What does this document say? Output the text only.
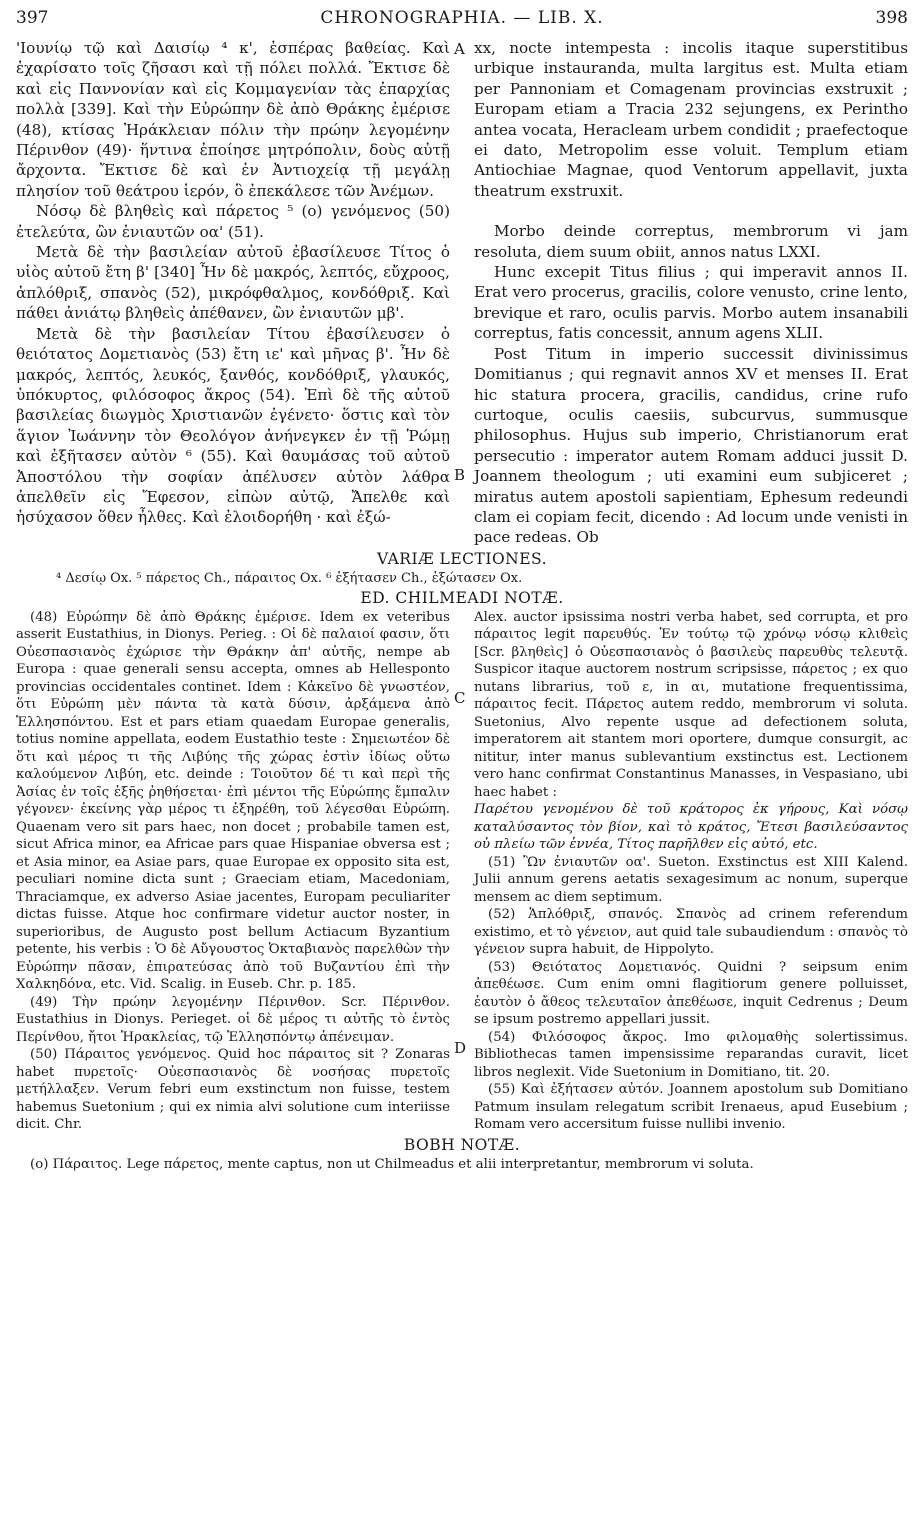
397	CHRONOGRAPHIA. — LIB. X.	398

'Ιουνίῳ τῷ καὶ Δαισίῳ ⁴ κ', ἑσπέρας βαθείας. Καὶ ἐχαρίσατο τοῖς ζῆσασι καὶ τῇ πόλει πολλά. Ἔκτισε δὲ καὶ εἰς Παννονίαν καὶ εἰς Κομμαγενίαν τὰς ἐπαρχίας πολλὰ [339]. Καὶ τὴν Εὐρώπην δὲ ἀπὸ Θράκης ἐμέρισε (48), κτίσας Ἡράκλειαν πόλιν τὴν πρώην λεγομένην Πέρινθον (49)· ἥντινα ἐποίησε μητρόπολιν, δοὺς αὐτῇ ἄρχοντα. Ἔκτισε δὲ καὶ ἐν Ἀντιοχείᾳ τῇ μεγάλῃ πλησίον τοῦ θεάτρου ἱερόν, ὃ ἐπεκάλεσε τῶν Ἀνέμων.

Νόσῳ δὲ βληθεὶς καὶ πάρετος ⁵ (ο) γενόμενος (50) ἐτελεύτα, ὢν ἐνιαυτῶν οα' (51).

Μετὰ δὲ τὴν βασιλείαν αὐτοῦ ἐβασίλευσε Τίτος ὁ υἱὸς αὐτοῦ ἔτη β' [340] Ἦν δὲ μακρός, λεπτός, εὔχροος, ἁπλόθριξ, σπανὸς (52), μικρόφθαλμος, κονδόθριξ. Καὶ πάθει ἀνιάτῳ βληθεὶς ἀπέθανεν, ὢν ἐνιαυτῶν μβ'.

Μετὰ δὲ τὴν βασιλείαν Τίτου ἐβασίλευσεν ὁ θειότατος Δομετιανὸς (53) ἔτη ιε' καὶ μῆνας β'. Ἦν δὲ μακρός, λεπτός, λευκός, ξανθός, κονδόθριξ, γλαυκός, ὑπόκυρτος, φιλόσοφος ἄκρος (54). Ἐπὶ δὲ τῆς αὐτοῦ βασιλείας διωγμὸς Χριστιανῶν ἐγένετο· ὅστις καὶ τὸν ἅγιον Ἰωάννην τὸν Θεολόγον ἀνήνεγκεν ἐν τῇ Ῥώμῃ καὶ ἐξῆτασεν αὐτὸν ⁶ (55). Καὶ θαυμάσας τοῦ αὐτοῦ Ἀποστόλου τὴν σοφίαν ἀπέλυσεν αὐτὸν λάθρα ἀπελθεῖν εἰς Ἔφεσον, εἰπὼν αὐτῷ, Ἄπελθε καὶ ἡσύχασον ὅθεν ἦλθες. Καὶ ἐλοιδορήθη · καὶ ἐξώ-

A
B

xx, nocte intempesta : incolis itaque superstitibus urbique instauranda, multa largitus est. Multa etiam per Pannoniam et Comagenam provincias exstruxit ; Europam etiam a Tracia 232 sejungens, ex Perintho antea vocata, Heracleam urbem condidit ; praefectoque ei dato, Metropolim esse voluit. Templum etiam Antiochiae Magnae, quod Ventorum appellavit, juxta theatrum exstruxit.

Morbo deinde correptus, membrorum vi jam resoluta, diem suum obiit, annos natus LXXI.

Hunc excepit Titus filius ; qui imperavit annos II. Erat vero procerus, gracilis, colore venusto, crine lento, brevique et raro, oculis parvis. Morbo autem insanabili correptus, fatis concessit, annum agens XLII.

Post Titum in imperio successit divinissimus Domitianus ; qui regnavit annos XV et menses II. Erat hic statura procera, gracilis, candidus, crine rufo curtoque, oculis caesiis, subcurvus, summusque philosophus. Hujus sub imperio, Christianorum erat persecutio : imperator autem Romam adduci jussit D. Joannem theologum ; uti examini eum subjiceret ; miratus autem apostoli sapientiam, Ephesum redeundi clam ei copiam fecit, dicendo : Ad locum unde venisti in pace redeas. Ob

VARIÆ LECTIONES.
⁴ Δεσίῳ Ox. ⁵ πάρετος Ch., πάραιτος Ox. ⁶ ἐξήτασεν Ch., ἐξώτασεν Ox.
ED. CHILMEADI NOTÆ.

(48) Εὐρώπην δὲ ἀπὸ Θράκης ἐμέρισε. Idem ex veteribus asserit Eustathius, in Dionys. Perieg. : Οἱ δὲ παλαιοί φασιν, ὅτι Οὐεσπασιανὸς ἐχώρισε τὴν Θράκην ἀπ' αὐτῆς, nempe ab Europa : quae generali sensu accepta, omnes ab Hellesponto provincias occidentales continet. Idem : Κἀκεῖνο δὲ γνωστέον, ὅτι Εὐρώπη μὲν πάντα τὰ κατὰ δύσιν, ἀρξάμενα ἀπὸ Ἑλλησπόντου. Est et pars etiam quaedam Europae generalis, totius nomine appellata, eodem Eustathio teste : Σημειωτέον δὲ ὅτι καὶ μέρος τι τῆς Λιβύης τῆς χώρας ἐστὶν ἰδίως οὕτω καλούμενον Λιβύη, etc. deinde : Τοιοῦτον δέ τι καὶ περὶ τῆς Ἀσίας ἐν τοῖς ἑξῆς ῥηθήσεται· ἐπὶ μέντοι τῆς Εὐρώπης ἔμπαλιν γέγονεν· ἐκείνης γὰρ μέρος τι ἐξηρέθη, τοῦ λέγεσθαι Εὐρώπη. Quaenam vero sit pars haec, non docet ; probabile tamen est, sicut Africa minor, ea Africae pars quae Hispaniae obversa est ; et Asia minor, ea Asiae pars, quae Europae ex opposito sita est, peculiari nomine dicta sunt ; Graeciam etiam, Macedoniam, Thraciamque, ex adverso Asiae jacentes, Europam peculiariter dictas fuisse. Atque hoc confirmare videtur auctor noster, in superioribus, de Augusto post bellum Actiacum Byzantium petente, his verbis : Ὁ δὲ Αὔγουστος Ὀκταβιανὸς παρελθὼν τὴν Εὐρώπην πᾶσαν, ἐπιρατεύσας ἀπὸ τοῦ Βυζαντίου ἐπὶ τὴν Χαλκηδόνα, etc. Vid. Scalig. in Euseb. Chr. p. 185.

(49) Τὴν πρώην λεγομένην Πέρινθον. Scr. Πέρινθον. Eustathius in Dionys. Perieget. οἱ δὲ μέρος τι αὐτῆς τὸ ἐντὸς Περίνθου, ἤτοι Ἡρακλείας, τῷ Ἑλλησπόντῳ ἀπένειμαν.

(50) Πάραιτος γενόμενος. Quid hoc πάραιτος sit ? Zonaras habet πυρετοῖς· Οὐεσπασιανὸς δὲ νοσήσας πυρετοῖς μετήλλαξεν. Verum febri eum exstinctum non fuisse, testem habemus Suetonium ; qui ex nimia alvi solutione cum interiisse dicit. Chr.

C
D

Alex. auctor ipsissima nostri verba habet, sed corrupta, et pro πάραιτος legit παρευθύς. Ἐν τούτῳ τῷ χρόνῳ νόσῳ κλιθεὶς [Scr. βληθεὶς] ὁ Οὐεσπασιανὸς ὁ βασιλεὺς παρευθὺς τελευτᾷ. Suspicor itaque auctorem nostrum scripsisse, πάρετος ; ex quo nutans librarius, τοῦ ε, in αι, mutatione frequentissima, πάραιτος fecit. Πάρετος autem reddo, membrorum vi soluta. Suetonius, Alvo repente usque ad defectionem soluta, imperatorem ait stantem mori oportere, dumque consurgit, ac nititur, inter manus sublevantium exstinctus est. Lectionem vero hanc confirmat Constantinus Manasses, in Vespasiano, ubi haec habet :

Παρέτου γενομένου δὲ τοῦ κράτορος ἐκ γήρους, Καὶ νόσῳ καταλύσαντος τὸν βίον, καὶ τὸ κράτος, Ἔτεσι βασιλεύσαντος οὐ πλείω τῶν ἐννέα, Τίτος παρῆλθεν εἰς αὐτό, etc.

(51) Ὢν ἐνιαυτῶν οα'. Sueton. Exstinctus est XIII Kalend. Julii annum gerens aetatis sexagesimum ac nonum, superque mensem ac diem septimum.

(52) Ἁπλόθριξ, σπανός. Σπανὸς ad crinem referendum existimo, et τὸ γένειον, aut quid tale subaudiendum : σπανὸς τὸ γένειον supra habuit, de Hippolyto.

(53) Θειότατος Δομετιανός. Quidni ? seipsum enim ἀπεθέωσε. Cum enim omni flagitiorum genere polluisset, ἑαυτὸν ὁ ἄθεος τελευταῖον ἀπεθέωσε, inquit Cedrenus ; Deum se ipsum postremo appellari jussit.

(54) Φιλόσοφος ἄκρος. Imo φιλομαθὴς solertissimus. Bibliothecas tamen impensissime reparandas curavit, licet libros neglexit. Vide Suetonium in Domitiano, tit. 20.

(55) Καὶ ἐξήτασεν αὐτόν. Joannem apostolum sub Domitiano Patmum insulam relegatum scribit Irenaeus, apud Eusebium ; Romam vero accersitum fuisse nullibi invenio.

BOBH NOTÆ.

(ο) Πάραιτος. Lege πάρετος, mente captus, non ut Chilmeadus et alii interpretantur, membrorum vi soluta.
